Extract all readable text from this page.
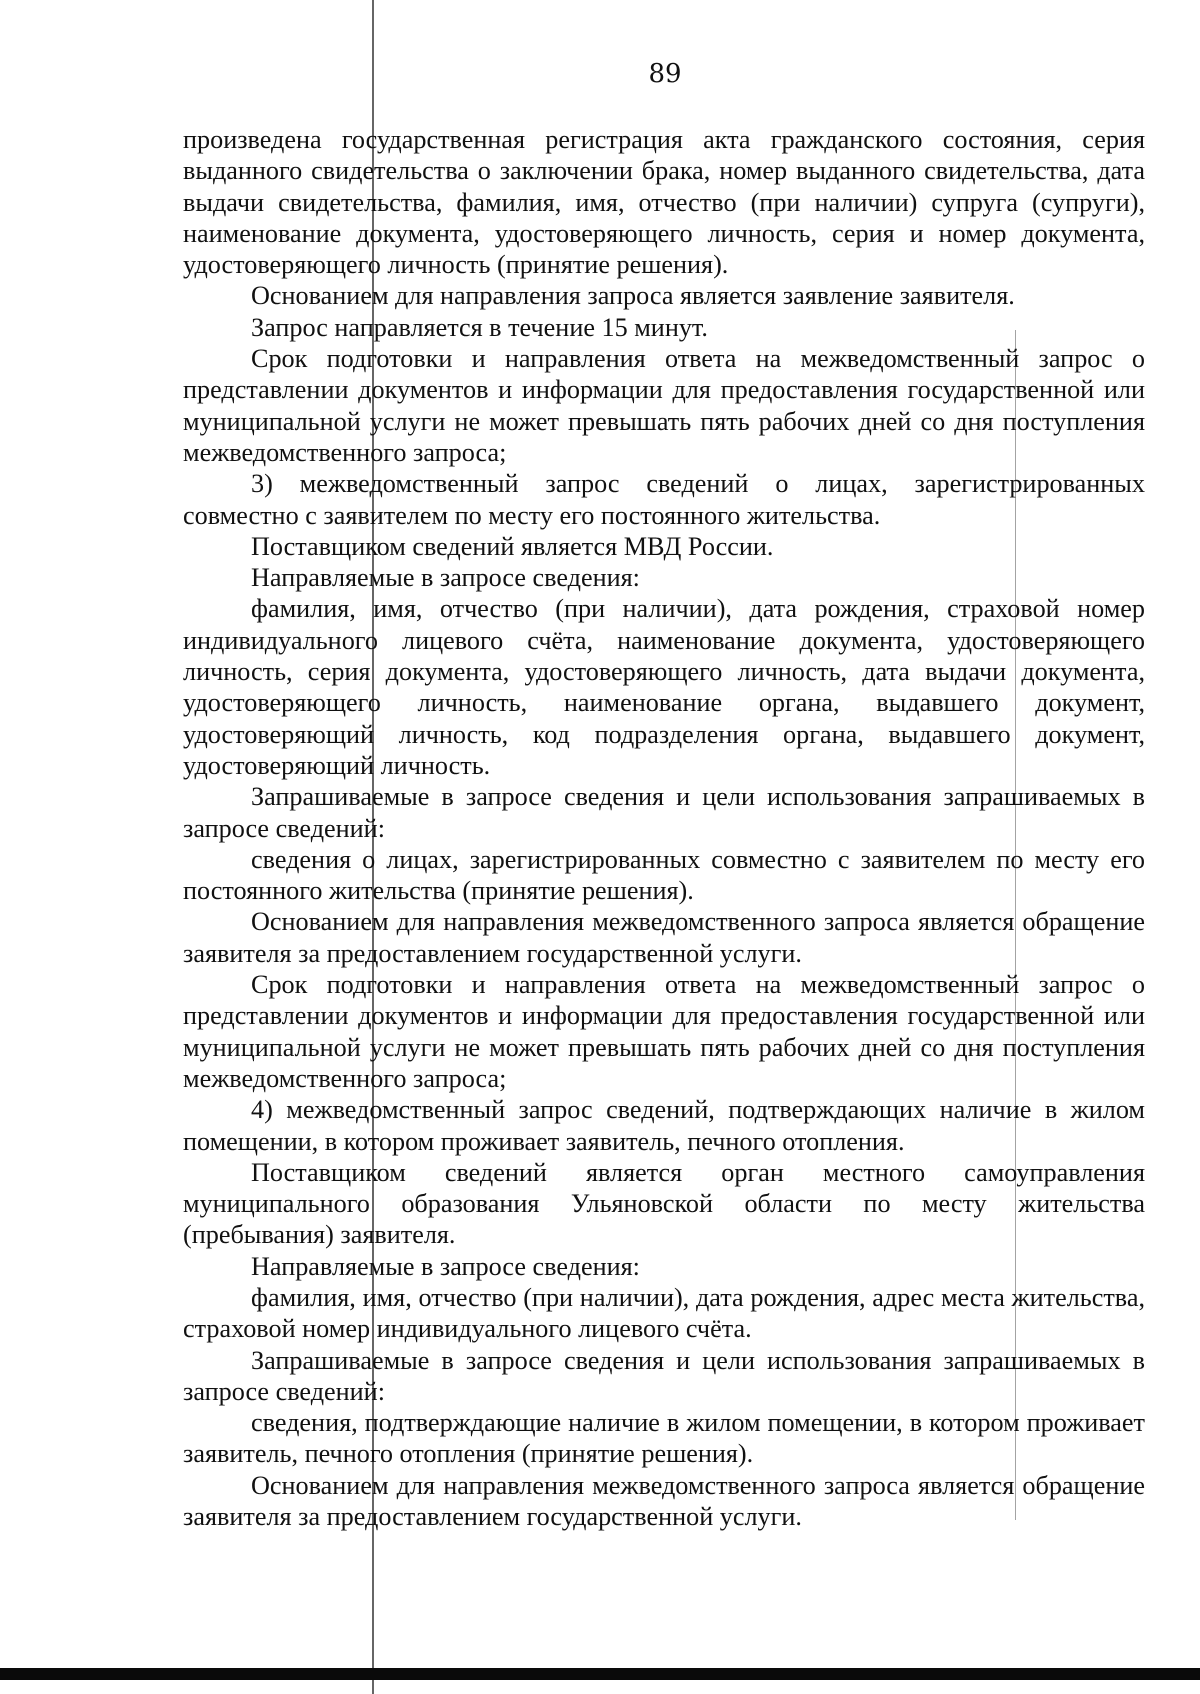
89

произведена государственная регистрация акта гражданского состояния, серия выданного свидетельства о заключении брака, номер выданного свидетельства, дата выдачи свидетельства, фамилия, имя, отчество (при наличии) супруга (супруги), наименование документа, удостоверяющего личность, серия и номер документа, удостоверяющего личность (принятие решения).

Основанием для направления запроса является заявление заявителя.

Запрос направляется в течение 15 минут.

Срок подготовки и направления ответа на межведомственный запрос о представлении документов и информации для предоставления государственной или муниципальной услуги не может превышать пять рабочих дней со дня поступления межведомственного запроса;

3) межведомственный запрос сведений о лицах, зарегистрированных совместно с заявителем по месту его постоянного жительства.

Поставщиком сведений является МВД России.

Направляемые в запросе сведения:

фамилия, имя, отчество (при наличии), дата рождения, страховой номер индивидуального лицевого счёта, наименование документа, удостоверяющего личность, серия документа, удостоверяющего личность, дата выдачи документа, удостоверяющего личность, наименование органа, выдавшего документ, удостоверяющий личность, код подразделения органа, выдавшего документ, удостоверяющий личность.

Запрашиваемые в запросе сведения и цели использования запрашиваемых в запросе сведений:

сведения о лицах, зарегистрированных совместно с заявителем по месту его постоянного жительства (принятие решения).

Основанием для направления межведомственного запроса является обращение заявителя за предоставлением государственной услуги.

Срок подготовки и направления ответа на межведомственный запрос о представлении документов и информации для предоставления государственной или муниципальной услуги не может превышать пять рабочих дней со дня поступления межведомственного запроса;

4) межведомственный запрос сведений, подтверждающих наличие в жилом помещении, в котором проживает заявитель, печного отопления.

Поставщиком сведений является орган местного самоуправления муниципального образования Ульяновской области по месту жительства (пребывания) заявителя.

Направляемые в запросе сведения:

фамилия, имя, отчество (при наличии), дата рождения, адрес места жительства, страховой номер индивидуального лицевого счёта.

Запрашиваемые в запросе сведения и цели использования запрашиваемых в запросе сведений:

сведения, подтверждающие наличие в жилом помещении, в котором проживает заявитель, печного отопления (принятие решения).

Основанием для направления межведомственного запроса является обращение заявителя за предоставлением государственной услуги.
